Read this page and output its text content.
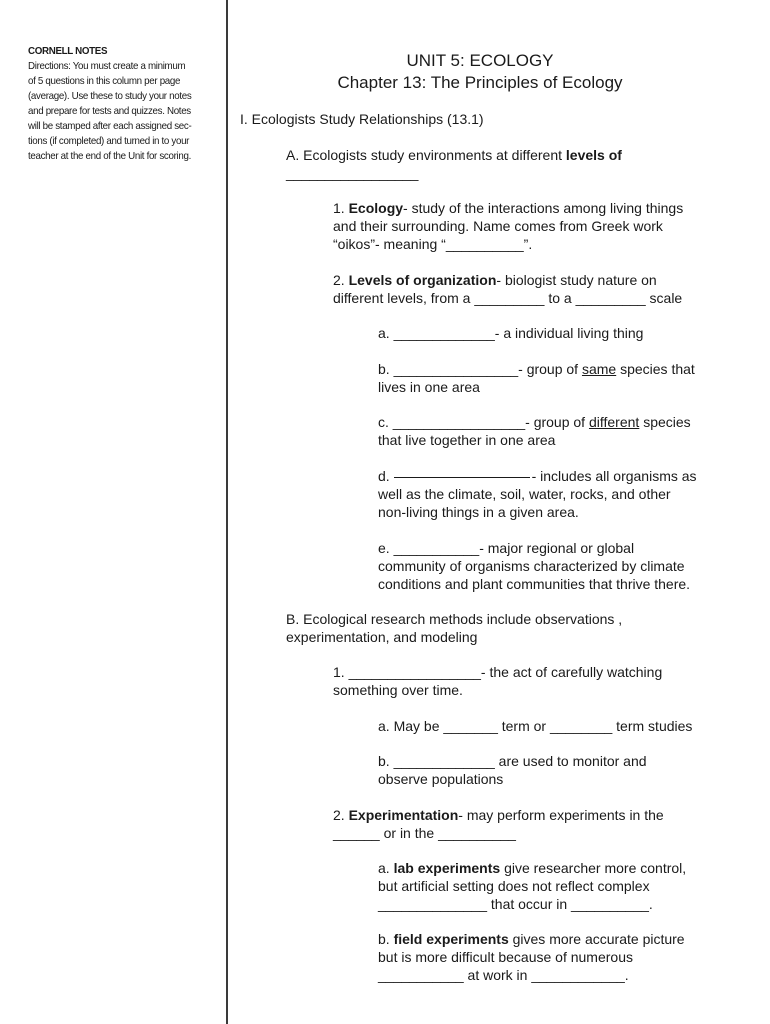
CORNELL NOTES
Directions: You must create a minimum
of 5 questions in this column per page
(average). Use these to study your notes
and prepare for tests and quizzes. Notes
will be stamped after each assigned sec-
tions (if completed) and turned in to your
teacher at the end of the Unit for scoring.
UNIT 5: ECOLOGY
Chapter 13: The Principles of Ecology
I. Ecologists Study Relationships (13.1)
A. Ecologists study environments at different levels of
_________________
1. Ecology- study of the interactions among living things
and their surrounding. Name comes from Greek work
“oikos”- meaning “__________”.
2. Levels of organization- biologist study nature on
different levels, from a _________ to a _________ scale
a. _____________- a individual living thing
b. ________________- group of same species that
lives in one area
c. _________________- group of different species
that live together in one area
d.	- includes all organisms as
well as the climate, soil, water, rocks, and other
non-living things in a given area.
e. ___________- major regional or global
community of organisms characterized by climate
conditions and plant communities that thrive there.
B. Ecological research methods include observations ,
experimentation, and modeling
1. _________________- the act of carefully watching
something over time.
a. May be _______ term or ________ term studies
b. _____________ are used to monitor and
observe populations
2. Experimentation- may perform experiments in the
______ or in the __________
a. lab experiments give researcher more control,
but artificial setting does not reflect complex
______________ that occur in __________.
b. field experiments gives more accurate picture
but is more difficult because of numerous
___________ at work in ____________.
